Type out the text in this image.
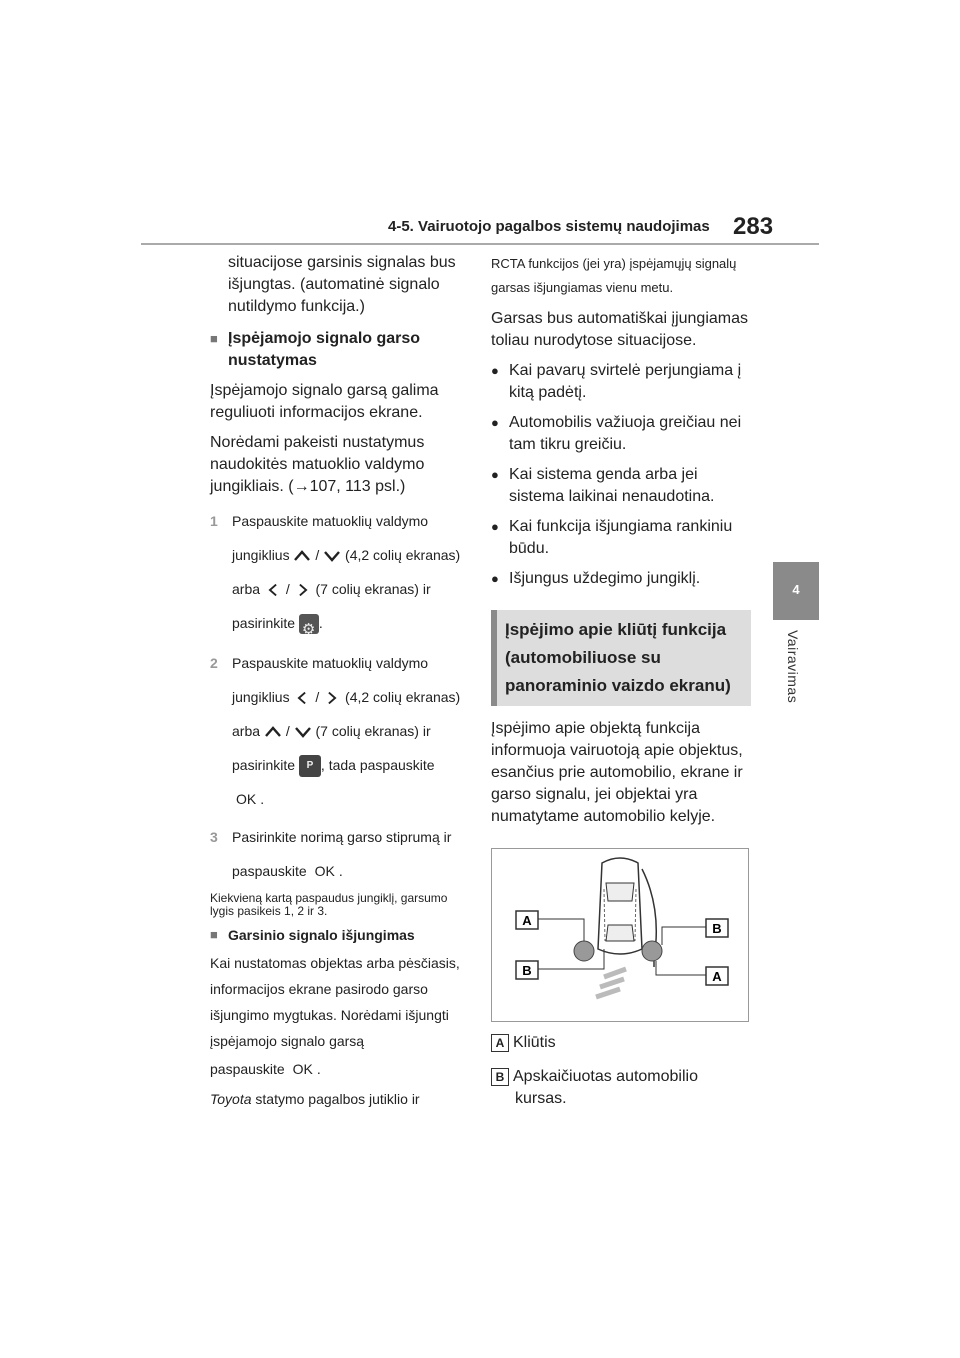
4-5. Vairuotojo pagalbos sistemų naudojimas 283
4
Vairavimas

situacijose garsinis signalas bus išjungtas. (automatinė signalo nutildymo funkcija.)

■ Įspėjamojo signalo garso nustatymas

Įspėjamojo signalo garsą galima reguliuoti informacijos ekrane.

Norėdami pakeisti nustatymus naudokitės matuoklio valdymo jungikliais. (→107, 113 psl.)

1 Paspauskite matuoklių valdymo
jungiklius / (4,2 colių ekranas)
arba / (7 colių ekranas) ir
pasirinkite ⚙ .
2 Paspauskite matuoklių valdymo
jungiklius / (4,2 colių ekranas)
arba / (7 colių ekranas) ir
pasirinkite P , tada paspauskite
OK .
3 Pasirinkite norimą garso stiprumą ir
paspauskite OK .

Kiekvieną kartą paspaudus jungiklį, garsumo lygis pasikeis 1, 2 ir 3.

■ Garsinio signalo išjungimas

Kai nustatomas objektas arba pėsčiasis, informacijos ekrane pasirodo garso išjungimo mygtukas. Norėdami išjungti įspėjamojo signalo garsą

paspauskite OK .

Toyota statymo pagalbos jutiklio ir

RCTA funkcijos (jei yra) įspėjamųjų signalų garsas išjungiamas vienu metu.

Garsas bus automatiškai įjungiamas toliau nurodytose situacijose.

● Kai pavarų svirtelė perjungiama į kitą padėtį.

● Automobilis važiuoja greičiau nei tam tikru greičiu.

● Kai sistema genda arba jei sistema laikinai nenaudotina.

● Kai funkcija išjungiama rankiniu būdu.

● Išjungus uždegimo jungiklį.

Įspėjimo apie kliūtį funkcija (automobiliuose su panoraminio vaizdo ekranu)

Įspėjimo apie objektą funkcija informuoja vairuotoją apie objektus, esančius prie automobilio, ekrane ir garso signalu, jei objektai yra numatytame automobilio kelyje.

A
B
B
A

A Kliūtis

B Apskaičiuotas automobilio kursas.
